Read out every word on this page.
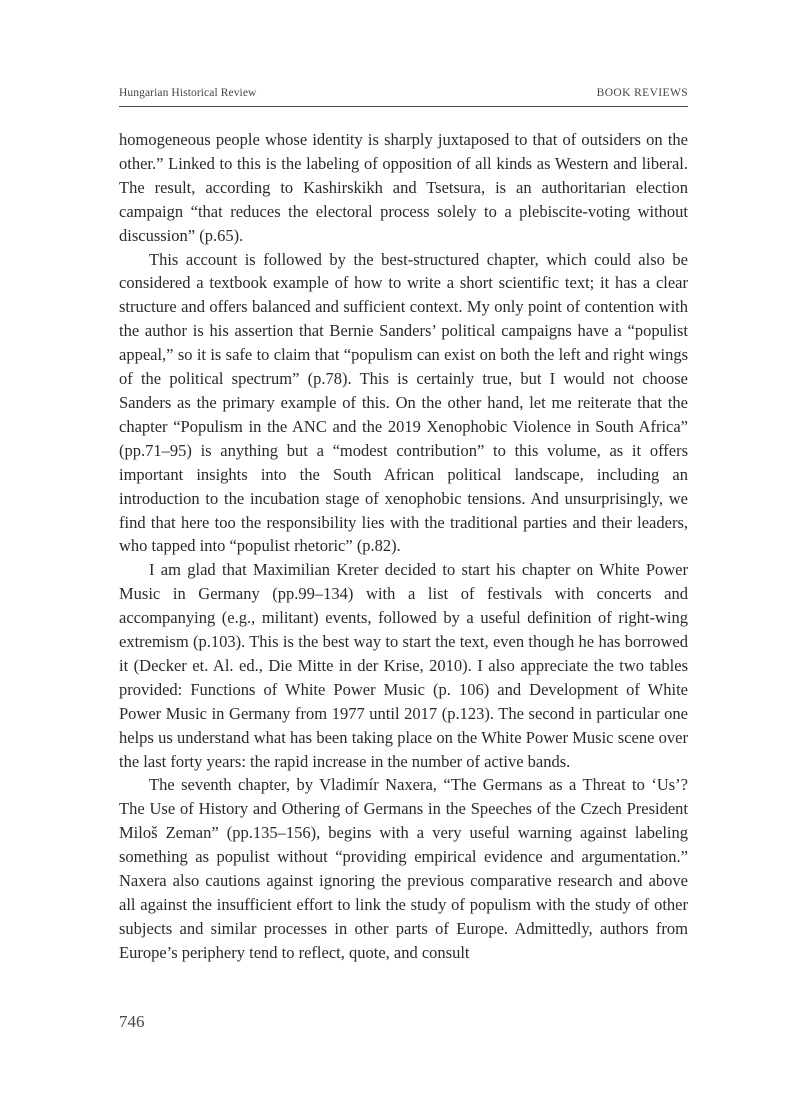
Hungarian Historical Review	BOOK REVIEWS

homogeneous people whose identity is sharply juxtaposed to that of outsiders on the other.” Linked to this is the labeling of opposition of all kinds as Western and liberal. The result, according to Kashirskikh and Tsetsura, is an authoritarian election campaign “that reduces the electoral process solely to a plebiscite-voting without discussion” (p.65).

This account is followed by the best-structured chapter, which could also be considered a textbook example of how to write a short scientific text; it has a clear structure and offers balanced and sufficient context. My only point of contention with the author is his assertion that Bernie Sanders’ political campaigns have a “populist appeal,” so it is safe to claim that “populism can exist on both the left and right wings of the political spectrum” (p.78). This is certainly true, but I would not choose Sanders as the primary example of this. On the other hand, let me reiterate that the chapter “Populism in the ANC and the 2019 Xenophobic Violence in South Africa” (pp.71–95) is anything but a “modest contribution” to this volume, as it offers important insights into the South African political landscape, including an introduction to the incubation stage of xenophobic tensions. And unsurprisingly, we find that here too the responsibility lies with the traditional parties and their leaders, who tapped into “populist rhetoric” (p.82).

I am glad that Maximilian Kreter decided to start his chapter on White Power Music in Germany (pp.99–134) with a list of festivals with concerts and accompanying (e.g., militant) events, followed by a useful definition of right-wing extremism (p.103). This is the best way to start the text, even though he has borrowed it (Decker et. Al. ed., Die Mitte in der Krise, 2010). I also appreciate the two tables provided: Functions of White Power Music (p. 106) and Development of White Power Music in Germany from 1977 until 2017 (p.123). The second in particular one helps us understand what has been taking place on the White Power Music scene over the last forty years: the rapid increase in the number of active bands.

The seventh chapter, by Vladimír Naxera, “The Germans as a Threat to ‘Us’? The Use of History and Othering of Germans in the Speeches of the Czech President Miloš Zeman” (pp.135–156), begins with a very useful warning against labeling something as populist without “providing empirical evidence and argumentation.” Naxera also cautions against ignoring the previous comparative research and above all against the insufficient effort to link the study of populism with the study of other subjects and similar processes in other parts of Europe. Admittedly, authors from Europe’s periphery tend to reflect, quote, and consult

746
